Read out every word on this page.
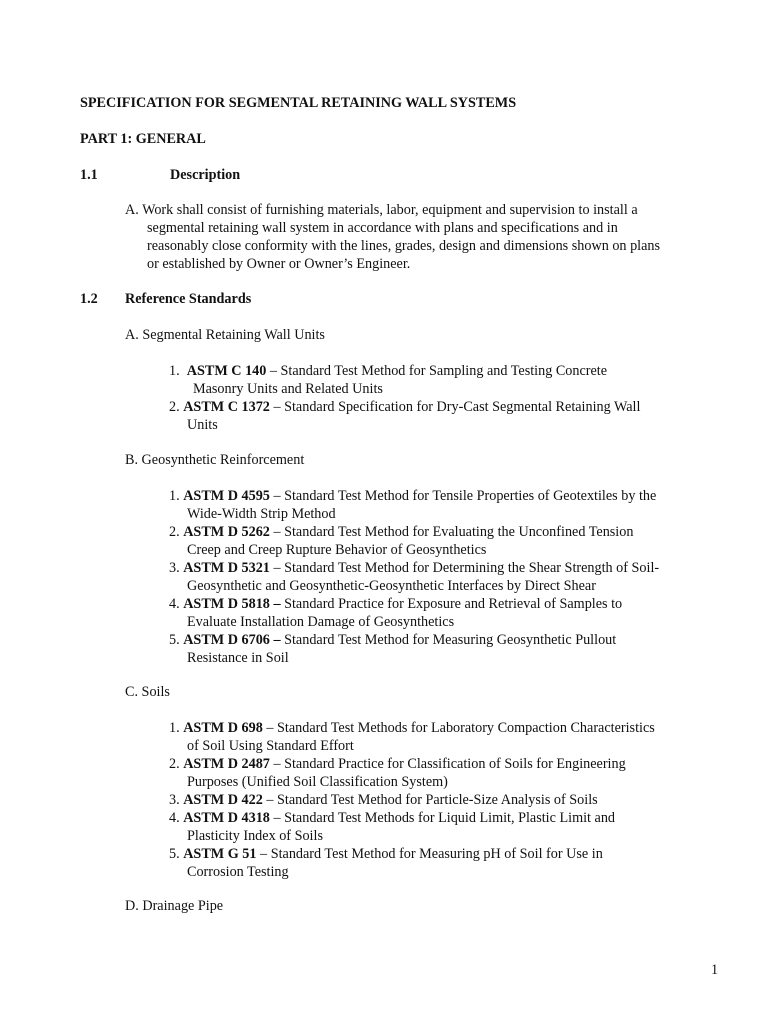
SPECIFICATION FOR SEGMENTAL RETAINING WALL SYSTEMS
PART 1: GENERAL
1.1	Description
A. Work shall consist of furnishing materials, labor, equipment and supervision to install a
segmental retaining wall system in accordance with plans and specifications and in
reasonably close conformity with the lines, grades, design and dimensions shown on plans
or established by Owner or Owner’s Engineer.
1.2 Reference Standards
A. Segmental Retaining Wall Units
1. ASTM C 140 – Standard Test Method for Sampling and Testing Concrete
Masonry Units and Related Units
2. ASTM C 1372 – Standard Specification for Dry-Cast Segmental Retaining Wall
Units
B. Geosynthetic Reinforcement
1. ASTM D 4595 – Standard Test Method for Tensile Properties of Geotextiles by the
Wide-Width Strip Method
2. ASTM D 5262 – Standard Test Method for Evaluating the Unconfined Tension
Creep and Creep Rupture Behavior of Geosynthetics
3. ASTM D 5321 – Standard Test Method for Determining the Shear Strength of Soil-
Geosynthetic and Geosynthetic-Geosynthetic Interfaces by Direct Shear
4. ASTM D 5818 – Standard Practice for Exposure and Retrieval of Samples to
Evaluate Installation Damage of Geosynthetics
5. ASTM D 6706 – Standard Test Method for Measuring Geosynthetic Pullout
Resistance in Soil
C. Soils
1. ASTM D 698 – Standard Test Methods for Laboratory Compaction Characteristics
of Soil Using Standard Effort
2. ASTM D 2487 – Standard Practice for Classification of Soils for Engineering
Purposes (Unified Soil Classification System)
3. ASTM D 422 – Standard Test Method for Particle-Size Analysis of Soils
4. ASTM D 4318 – Standard Test Methods for Liquid Limit, Plastic Limit and
Plasticity Index of Soils
5. ASTM G 51 – Standard Test Method for Measuring pH of Soil for Use in
Corrosion Testing
D. Drainage Pipe
1
